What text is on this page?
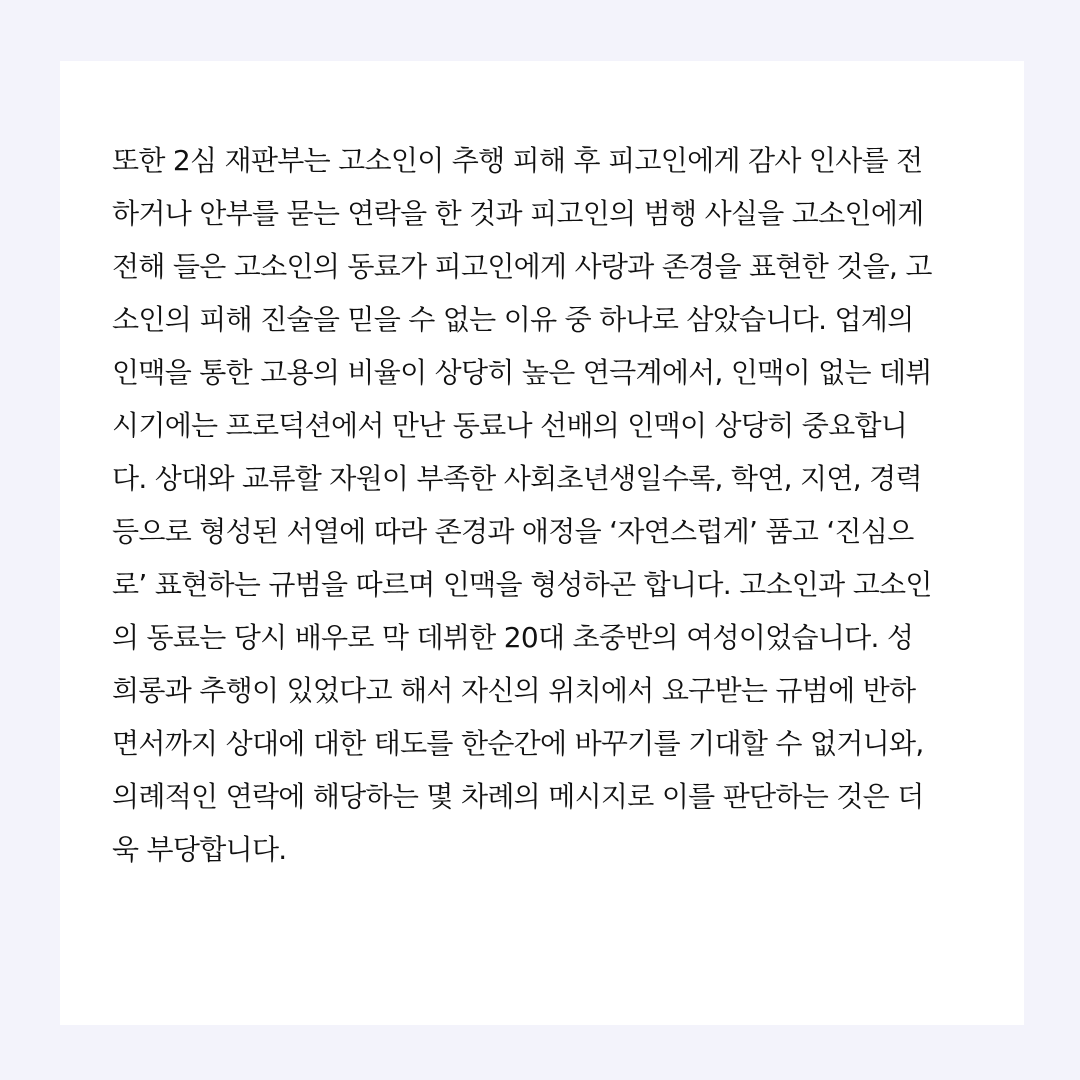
또한 2심 재판부는 고소인이 추행 피해 후 피고인에게 감사 인사를 전
하거나 안부를 묻는 연락을 한 것과 피고인의 범행 사실을 고소인에게
전해 들은 고소인의 동료가 피고인에게 사랑과 존경을 표현한 것을, 고
소인의 피해 진술을 믿을 수 없는 이유 중 하나로 삼았습니다. 업계의
인맥을 통한 고용의 비율이 상당히 높은 연극계에서, 인맥이 없는 데뷔
시기에는 프로덕션에서 만난 동료나 선배의 인맥이 상당히 중요합니
다. 상대와 교류할 자원이 부족한 사회초년생일수록, 학연, 지연, 경력
등으로 형성된 서열에 따라 존경과 애정을 ‘자연스럽게’ 품고 ‘진심으
로’ 표현하는 규범을 따르며 인맥을 형성하곤 합니다. 고소인과 고소인
의 동료는 당시 배우로 막 데뷔한 20대 초중반의 여성이었습니다. 성
희롱과 추행이 있었다고 해서 자신의 위치에서 요구받는 규범에 반하
면서까지 상대에 대한 태도를 한순간에 바꾸기를 기대할 수 없거니와,
의례적인 연락에 해당하는 몇 차례의 메시지로 이를 판단하는 것은 더
욱 부당합니다.
